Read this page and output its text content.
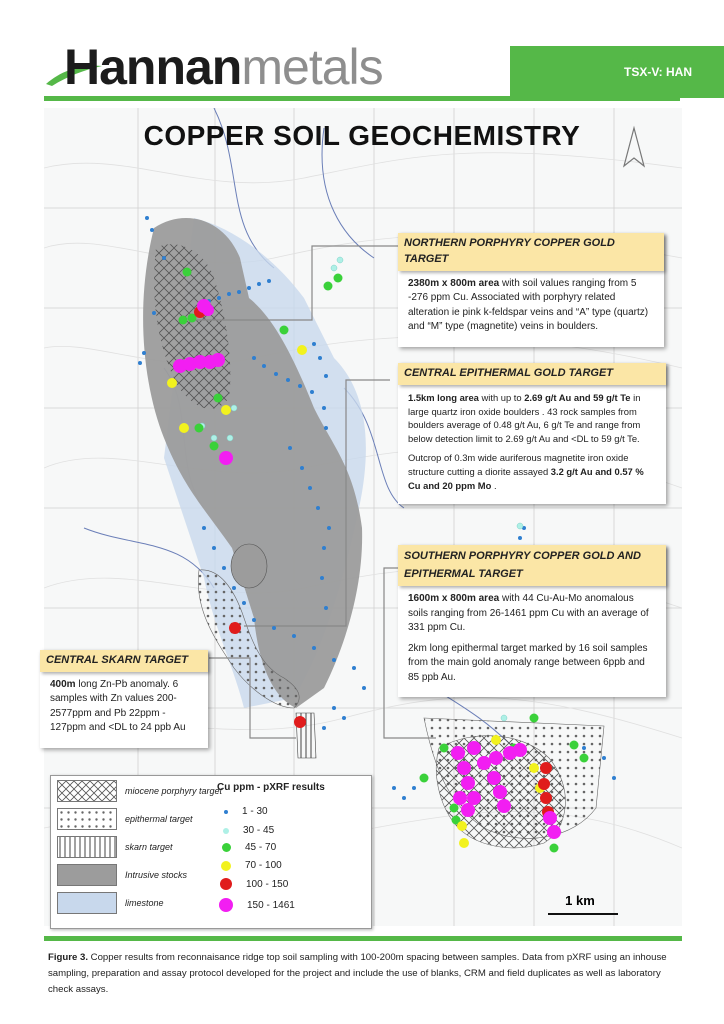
Hannanmetals	TSX-V: HAN
COPPER SOIL GEOCHEMISTRY
NORTHERN PORPHYRY COPPER GOLD TARGET

2380m x 800m area with soil values ranging from 5 -276 ppm Cu. Associated with porphyry related alteration ie pink k-feldspar veins and “A” type (quartz) and “M” type (magnetite) veins in boulders.

CENTRAL EPITHERMAL GOLD TARGET

1.5km long area with up to 2.69 g/t Au and 59 g/t Te in large quartz iron oxide boulders . 43 rock samples from boulders average of 0.48 g/t Au, 6 g/t Te and range from below detection limit to 2.69 g/t Au and <DL to 59 g/t Te.

Outcrop of 0.3m wide auriferous magnetite iron oxide structure cutting a diorite assayed 3.2 g/t Au and 0.57 % Cu and 20 ppm Mo .

SOUTHERN PORPHYRY COPPER GOLD AND EPITHERMAL TARGET

1600m x 800m area with 44 Cu-Au-Mo anomalous soils ranging from 26-1461 ppm Cu with an average of 331 ppm Cu.

2km long epithermal target marked by 16 soil samples from the main gold anomaly range between 6ppb and 85 ppb Au.

CENTRAL SKARN TARGET

400m long Zn-Pb anomaly. 6 samples with Zn values 200-2577ppm and Pb 22ppm - 127ppm and <DL to 24 ppb Au

miocene porphyry target
epithermal target
skarn target
Intrusive stocks
limestone
Cu ppm - pXRF results
1 - 30
30 - 45
45 - 70
70 - 100
100 - 150
150 - 1461	1 km
Figure 3. Copper results from reconnaisance ridge top soil sampling with 100-200m spacing between samples. Data from pXRF using an inhouse sampling, preparation and assay protocol developed for the project and include the use of blanks, CRM and field duplicates as well as laboratory check assays.
